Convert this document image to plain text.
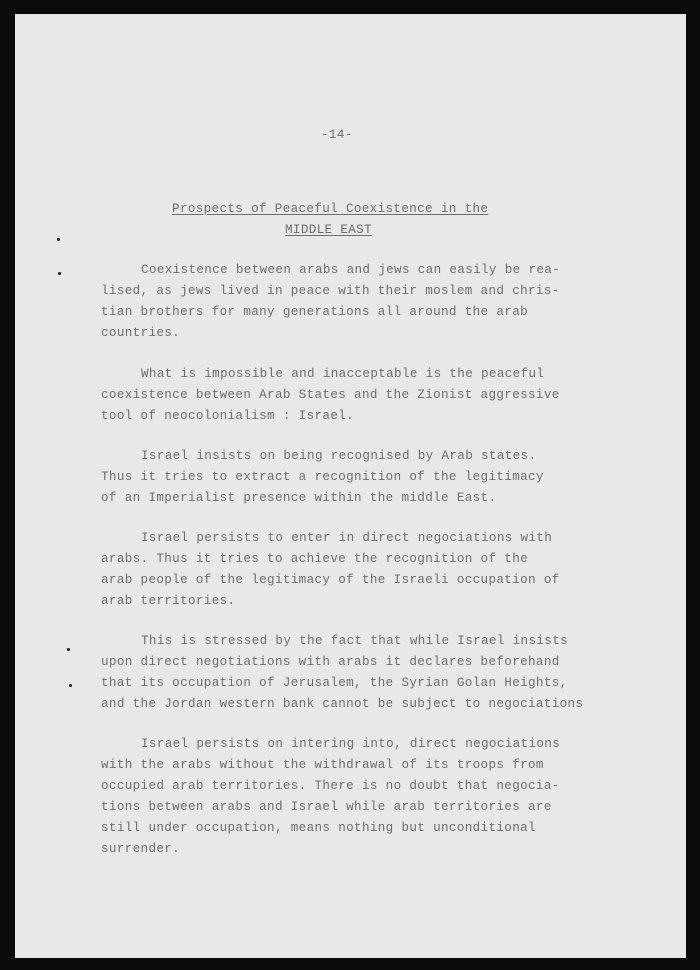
-14-
Prospects of Peaceful Coexistence in the
MIDDLE EAST
Coexistence between arabs and jews can easily be rea-
lised, as jews lived in peace with their moslem and chris-
tian brothers for many generations all around the arab
countries.
What is impossible and inacceptable is the peaceful
coexistence between Arab States and the Zionist aggressive
tool of neocolonialism : Israel.
Israel insists on being recognised by Arab states.
Thus it tries to extract a recognition of the legitimacy
of an Imperialist presence within the middle East.
Israel persists to enter in direct negociations with
arabs. Thus it tries to achieve the recognition of the
arab people of the legitimacy of the Israeli occupation of
arab territories.
This is stressed by the fact that while Israel insists
upon direct negotiations with arabs it declares beforehand
that its occupation of Jerusalem, the Syrian Golan Heights,
and the Jordan western bank cannot be subject to negociations
Israel persists on intering into, direct negociations
with the arabs without the withdrawal of its troops from
occupied arab territories. There is no doubt that negocia-
tions between arabs and Israel while arab territories are
still under occupation, means nothing but unconditional
surrender.
